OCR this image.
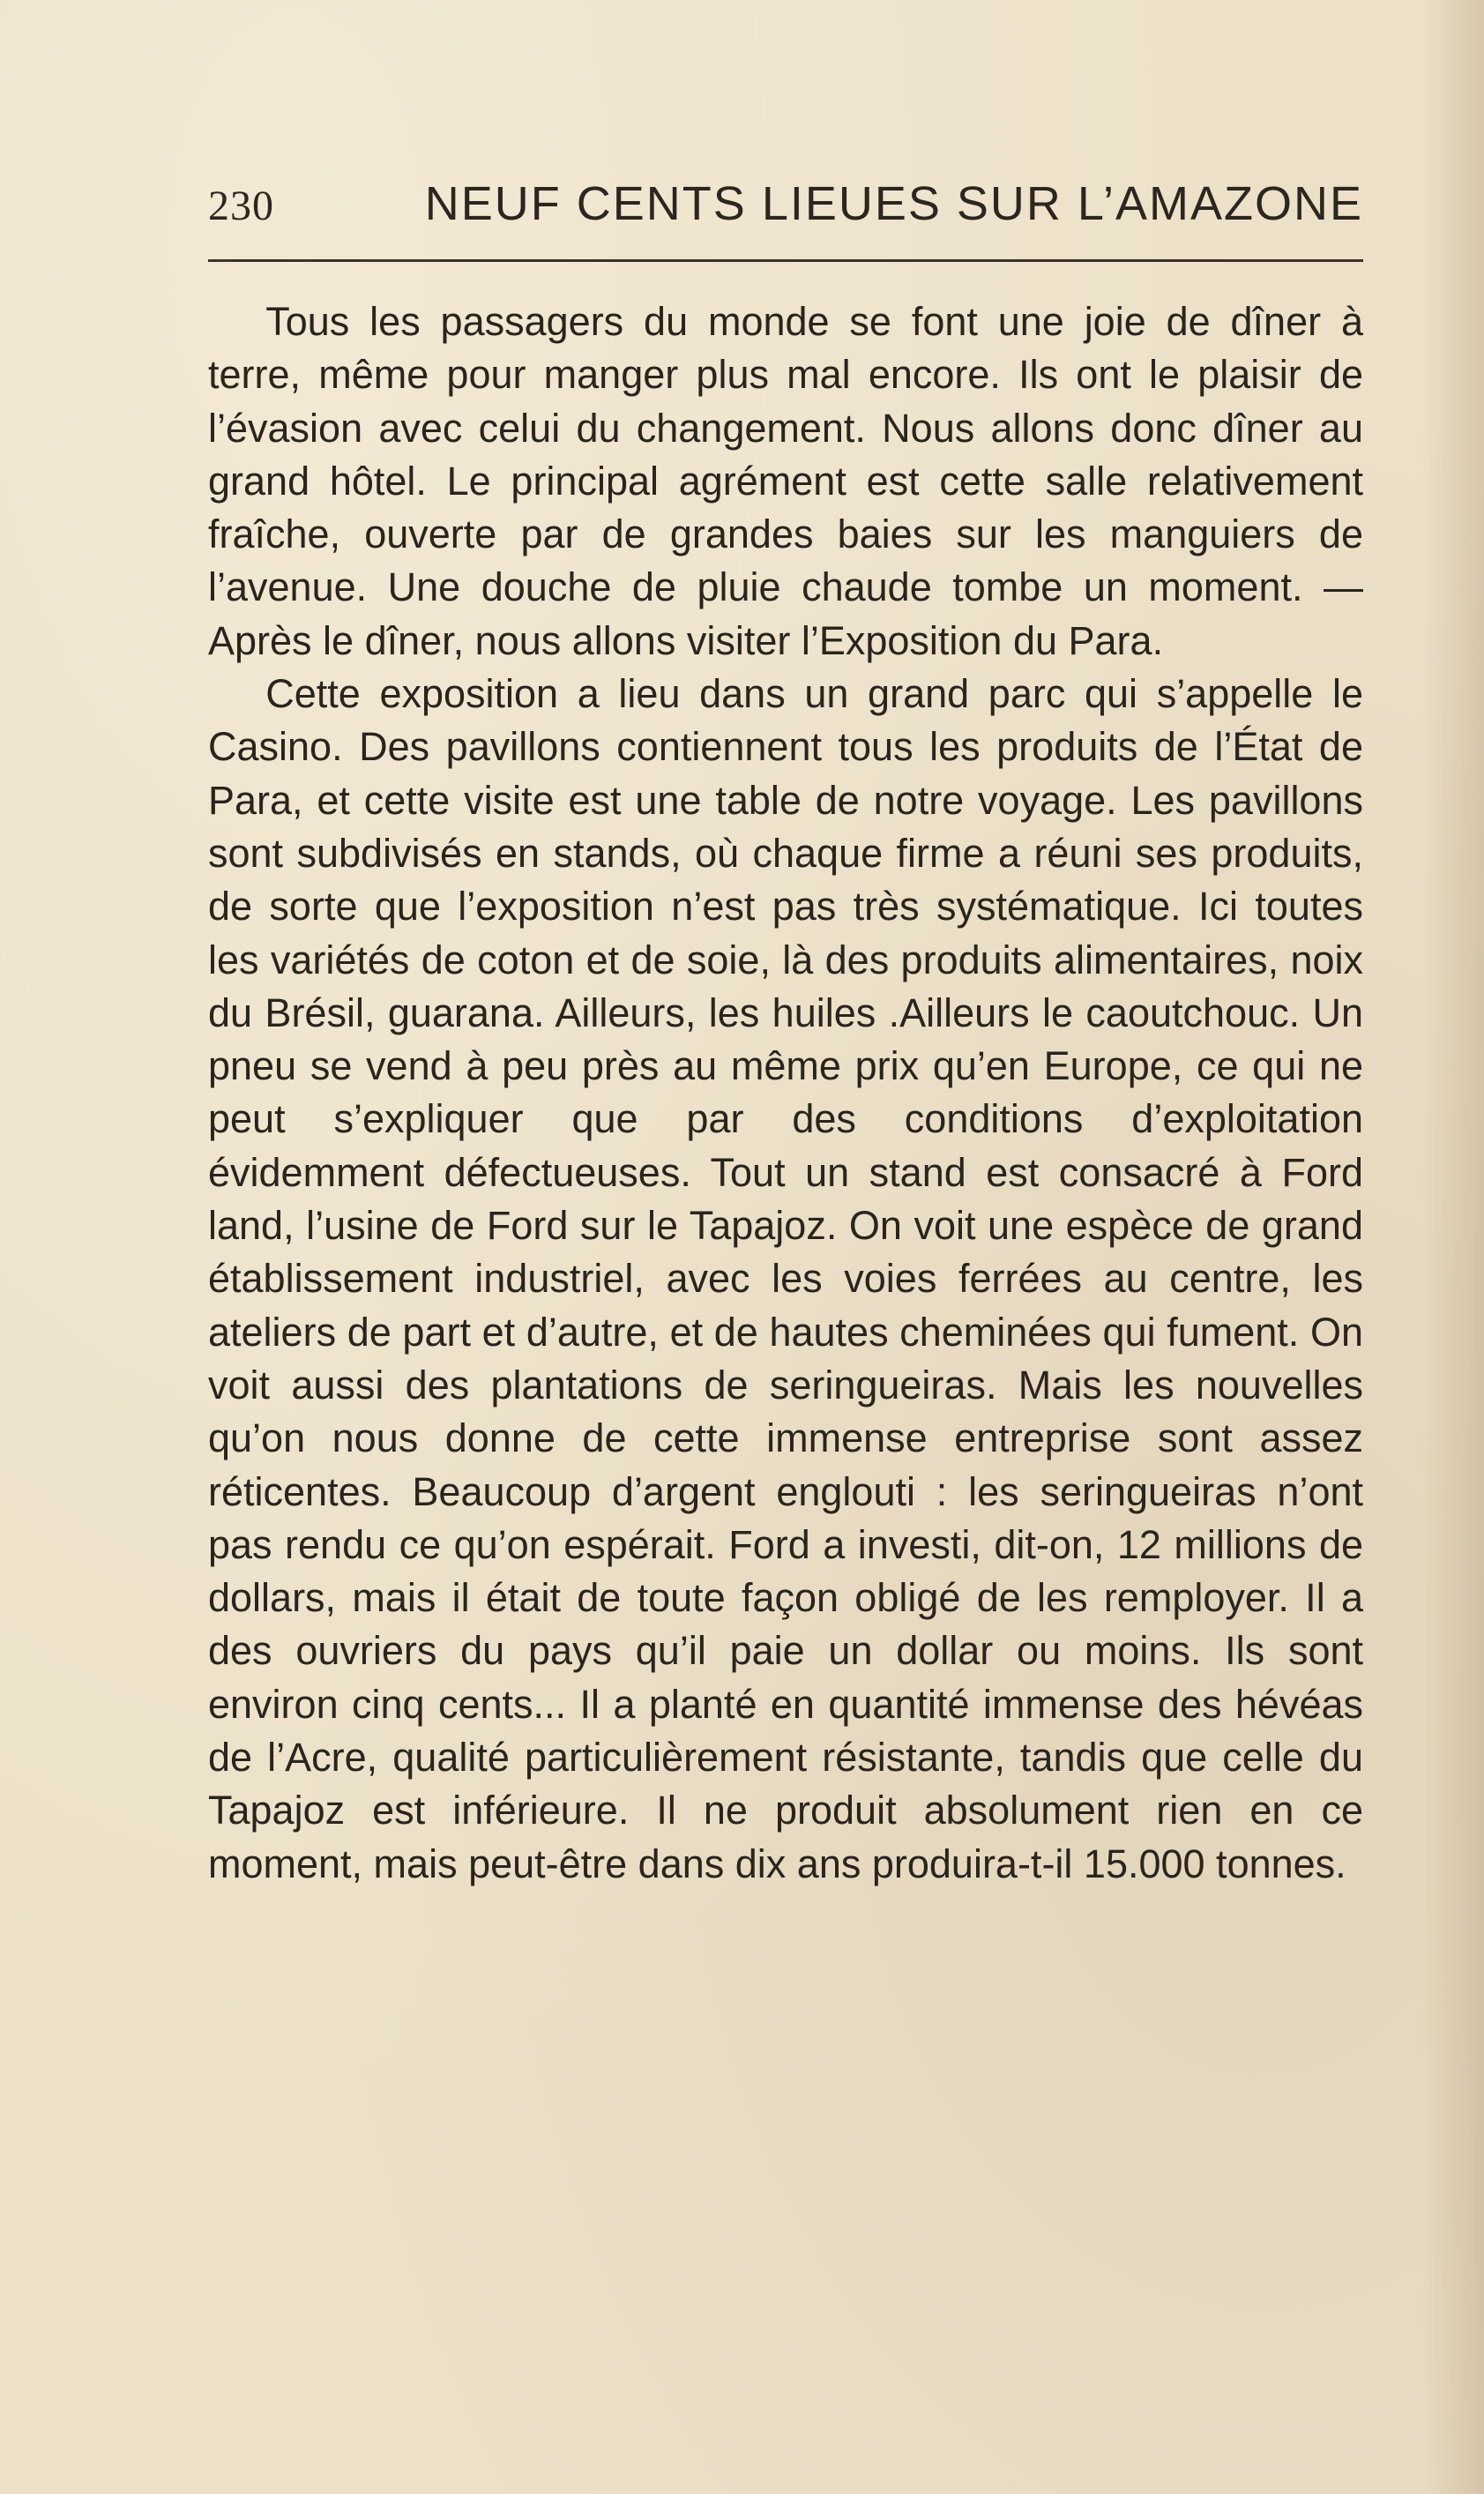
230	NEUF CENTS LIEUES SUR L’AMAZONE

Tous les passagers du monde se font une joie de dîner à terre, même pour manger plus mal encore. Ils ont le plaisir de l’évasion avec celui du changement. Nous allons donc dîner au grand hôtel. Le principal agrément est cette salle relativement fraîche, ouverte par de grandes baies sur les manguiers de l’avenue. Une douche de pluie chaude tombe un moment. — Après le dîner, nous allons visiter l’Exposition du Para.

Cette exposition a lieu dans un grand parc qui s’appelle le Casino. Des pavillons contiennent tous les produits de l’État de Para, et cette visite est une table de notre voyage. Les pavillons sont subdivisés en stands, où chaque firme a réuni ses produits, de sorte que l’exposition n’est pas très systématique. Ici toutes les variétés de coton et de soie, là des produits alimentaires, noix du Brésil, guarana. Ailleurs, les huiles .Ailleurs le caoutchouc. Un pneu se vend à peu près au même prix qu’en Europe, ce qui ne peut s’expliquer que par des conditions d’exploitation évidemment défectueuses. Tout un stand est consacré à Ford land, l’usine de Ford sur le Tapajoz. On voit une espèce de grand établissement industriel, avec les voies ferrées au centre, les ateliers de part et d’autre, et de hautes cheminées qui fument. On voit aussi des plantations de seringueiras. Mais les nouvelles qu’on nous donne de cette immense entreprise sont assez réticentes. Beaucoup d’argent englouti : les seringueiras n’ont pas rendu ce qu’on espérait. Ford a investi, dit-on, 12 millions de dollars, mais il était de toute façon obligé de les remployer. Il a des ouvriers du pays qu’il paie un dollar ou moins. Ils sont environ cinq cents... Il a planté en quantité immense des hévéas de l’Acre, qualité particulièrement résistante, tandis que celle du Tapajoz est inférieure. Il ne produit absolument rien en ce moment, mais peut-être dans dix ans produira-t-il 15.000 tonnes.
